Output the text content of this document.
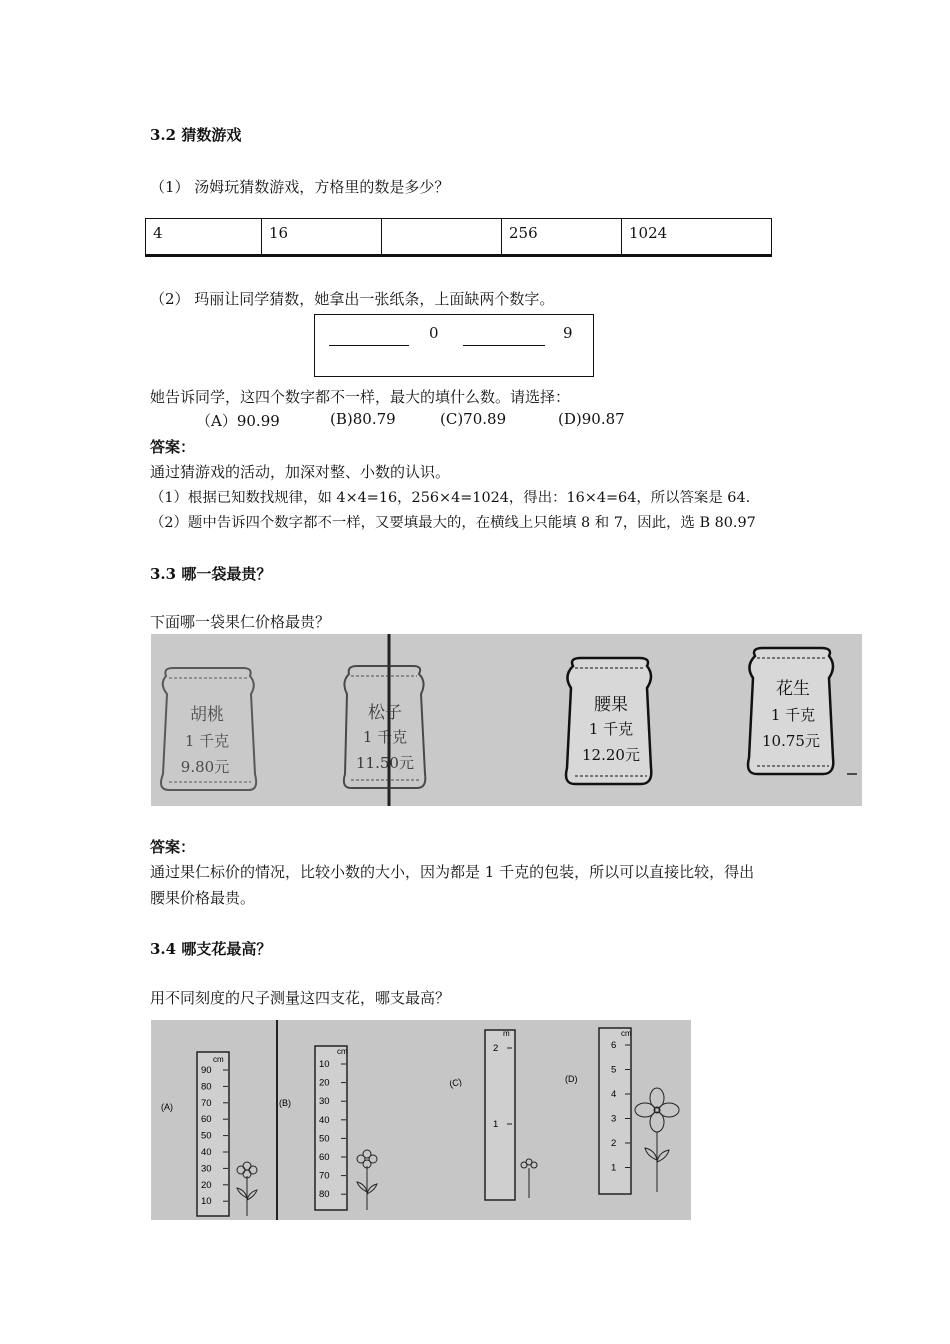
3.2 猜数游戏
（1） 汤姆玩猜数游戏，方格里的数是多少？
4	16		256	1024
（2） 玛丽让同学猜数，她拿出一张纸条，上面缺两个数字。
0	9
她告诉同学，这四个数字都不一样，最大的填什么数。请选择：
（A）90.99	(B)80.79	(C)70.89	(D)90.87
答案：
通过猜游戏的活动，加深对整、小数的认识。
（1）根据已知数找规律，如 4×4=16，256×4=1024，得出：16×4=64，所以答案是 64.
（2）题中告诉四个数字都不一样，又要填最大的，在横线上只能填 8 和 7，因此，选 B 80.97
3.3 哪一袋最贵？
下面哪一袋果仁价格最贵？
胡桃
1 千克
9.80元
松子
1 千克
11.50元
腰果
1 千克
12.20元
花生
1 千克
10.75元
答案：
通过果仁标价的情况，比较小数的大小，因为都是 1 千克的包装，所以可以直接比较，得出
腰果价格最贵。
3.4 哪支花最高？
用不同刻度的尺子测量这四支花，哪支最高？
(A)
cm
90
80
70
60
50
40
30
20
10
(B)
cm
10
20
30
40
50
60
70
80
(C)
m
2
1
(D)
cm
6
5
4
3
2
1
